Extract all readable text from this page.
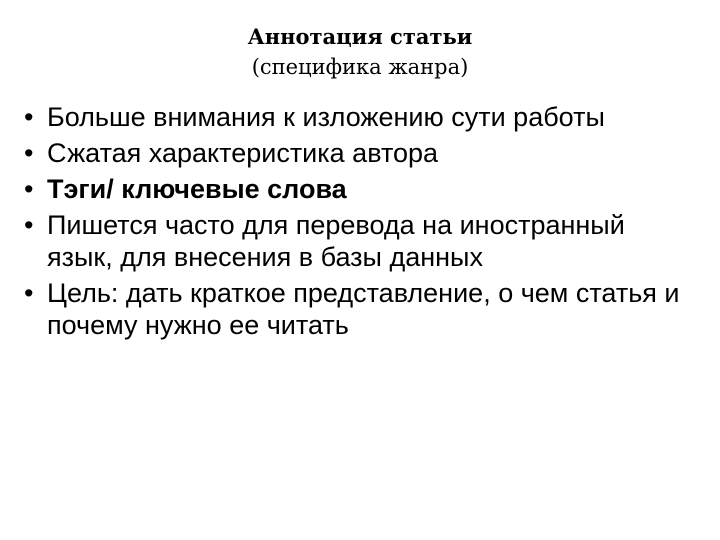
Аннотация статьи
(специфика жанра)
• Больше внимания к изложению сути работы
• Сжатая характеристика автора
• Тэги/ ключевые слова
• Пишется часто для перевода на иностранный язык, для внесения в базы данных
• Цель: дать краткое представление, о чем статья и почему нужно ее читать
